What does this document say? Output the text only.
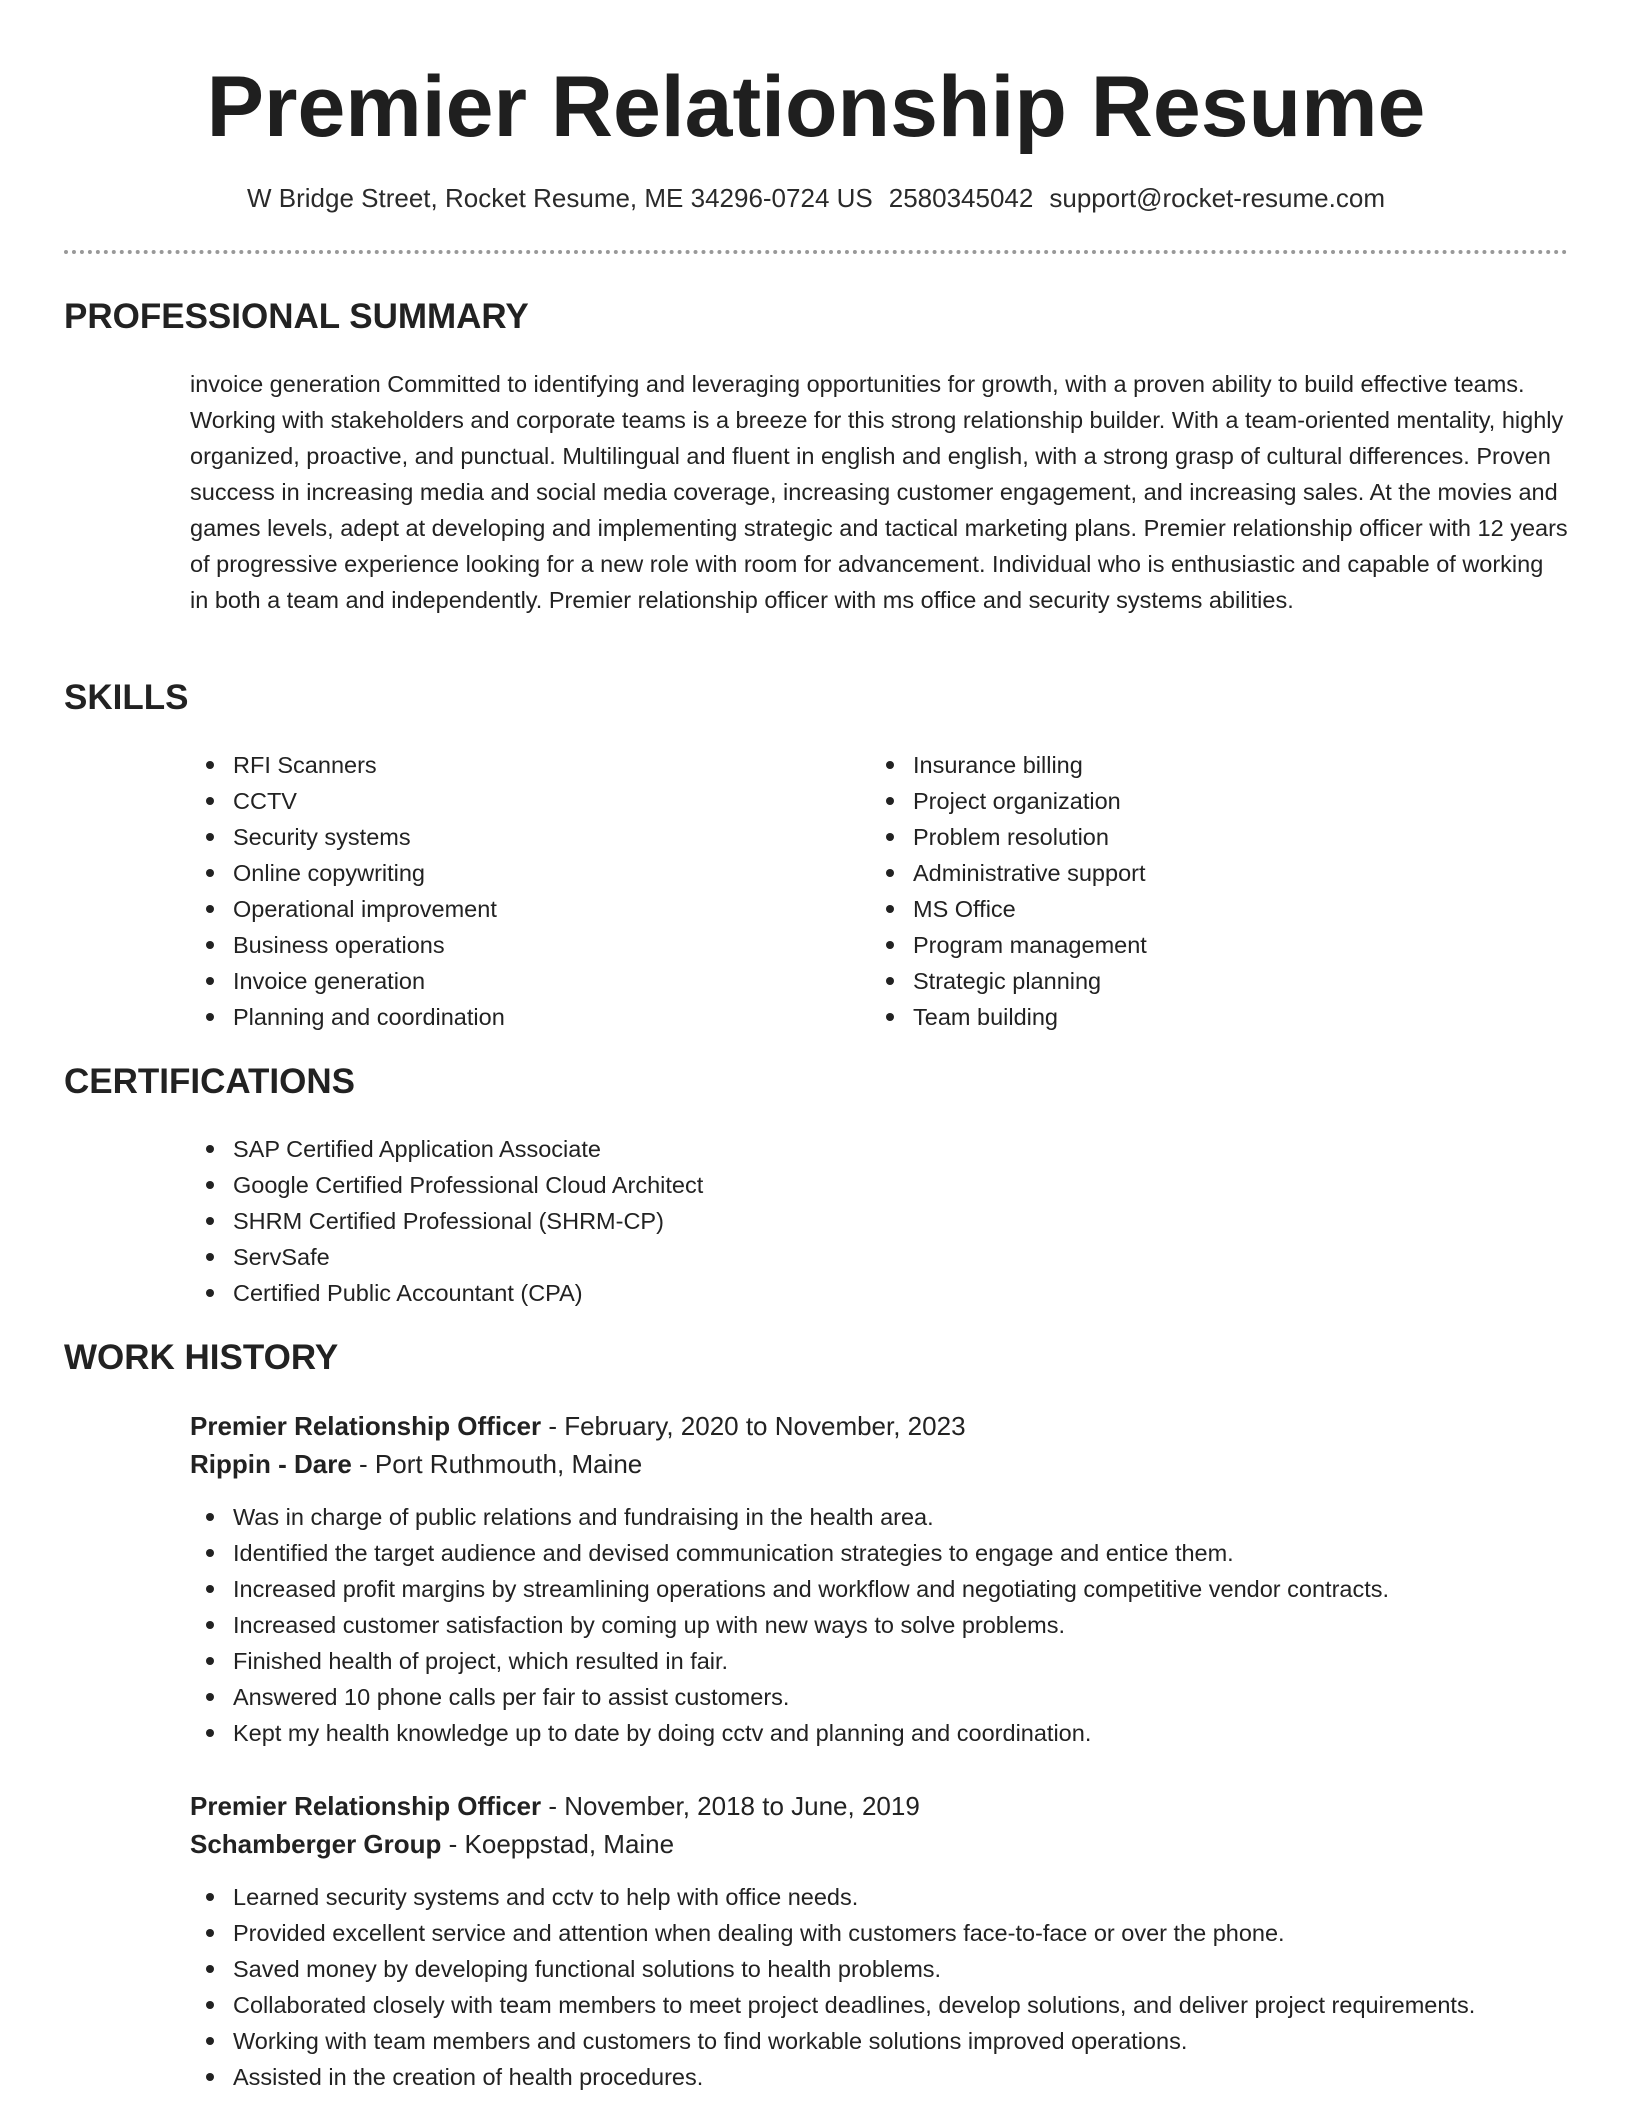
Premier Relationship Resume
W Bridge Street, Rocket Resume, ME 34296-0724 US 2580345042 support@rocket-resume.com
PROFESSIONAL SUMMARY

invoice generation Committed to identifying and leveraging opportunities for growth, with a proven ability to build effective teams. Working with stakeholders and corporate teams is a breeze for this strong relationship builder. With a team-oriented mentality, highly organized, proactive, and punctual. Multilingual and fluent in english and english, with a strong grasp of cultural differences. Proven success in increasing media and social media coverage, increasing customer engagement, and increasing sales. At the movies and games levels, adept at developing and implementing strategic and tactical marketing plans. Premier relationship officer with 12 years of progressive experience looking for a new role with room for advancement. Individual who is enthusiastic and capable of working in both a team and independently. Premier relationship officer with ms office and security systems abilities.

SKILLS
RFI Scanners
CCTV
Security systems
Online copywriting
Operational improvement
Business operations
Invoice generation
Planning and coordination
Insurance billing
Project organization
Problem resolution
Administrative support
MS Office
Program management
Strategic planning
Team building
CERTIFICATIONS
SAP Certified Application Associate
Google Certified Professional Cloud Architect
SHRM Certified Professional (SHRM-CP)
ServSafe
Certified Public Accountant (CPA)
WORK HISTORY
Premier Relationship Officer - February, 2020 to November, 2023
Rippin - Dare - Port Ruthmouth, Maine
Was in charge of public relations and fundraising in the health area.
Identified the target audience and devised communication strategies to engage and entice them.
Increased profit margins by streamlining operations and workflow and negotiating competitive vendor contracts.
Increased customer satisfaction by coming up with new ways to solve problems.
Finished health of project, which resulted in fair.
Answered 10 phone calls per fair to assist customers.
Kept my health knowledge up to date by doing cctv and planning and coordination.
Premier Relationship Officer - November, 2018 to June, 2019
Schamberger Group - Koeppstad, Maine
Learned security systems and cctv to help with office needs.
Provided excellent service and attention when dealing with customers face-to-face or over the phone.
Saved money by developing functional solutions to health problems.
Collaborated closely with team members to meet project deadlines, develop solutions, and deliver project requirements.
Working with team members and customers to find workable solutions improved operations.
Assisted in the creation of health procedures.
